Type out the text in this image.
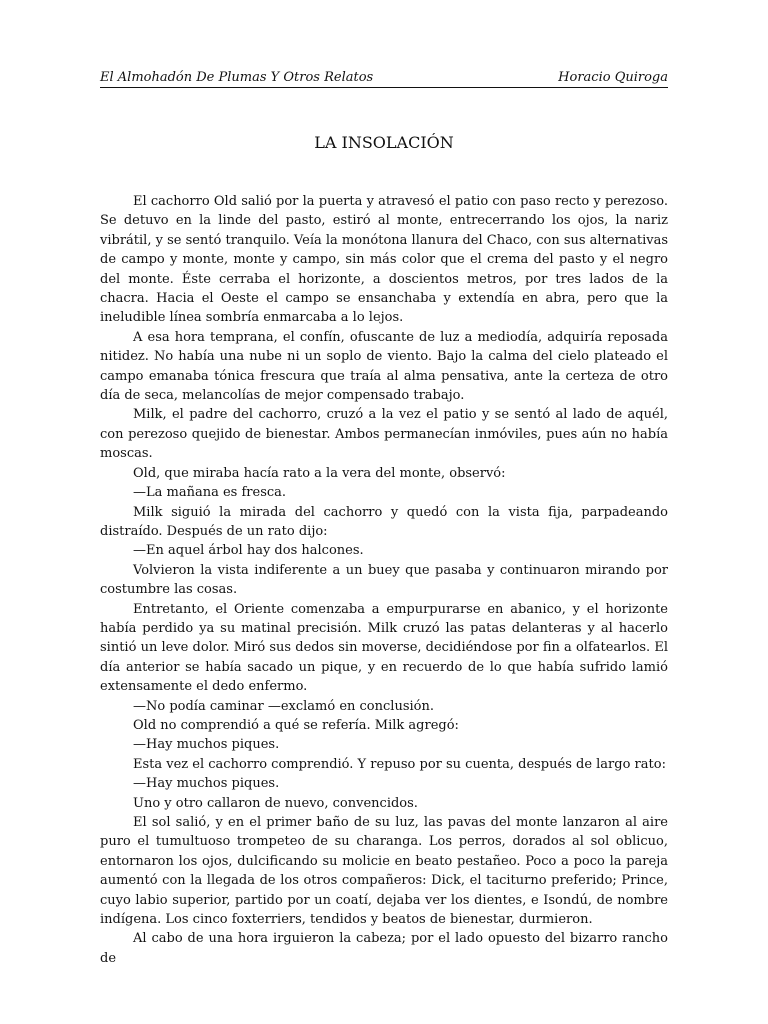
El Almohadón De Plumas Y Otros Relatos	Horacio Quiroga
LA INSOLACIÓN

El cachorro Old salió por la puerta y atravesó el patio con paso recto y perezoso. Se detuvo en la linde del pasto, estiró al monte, entrecerrando los ojos, la nariz vibrátil, y se sentó tranquilo. Veía la monótona llanura del Chaco, con sus alternativas de campo y monte, monte y campo, sin más color que el crema del pasto y el negro del monte. Éste cerraba el horizonte, a doscientos metros, por tres lados de la chacra. Hacia el Oeste el campo se ensanchaba y extendía en abra, pero que la ineludible línea sombría enmarcaba a lo lejos.

A esa hora temprana, el confín, ofuscante de luz a mediodía, adquiría reposada nitidez. No había una nube ni un soplo de viento. Bajo la calma del cielo plateado el campo emanaba tónica frescura que traía al alma pensativa, ante la certeza de otro día de seca, melancolías de mejor compensado trabajo.

Milk, el padre del cachorro, cruzó a la vez el patio y se sentó al lado de aquél, con perezoso quejido de bienestar. Ambos permanecían inmóviles, pues aún no había moscas.

Old, que miraba hacía rato a la vera del monte, observó:

—La mañana es fresca.

Milk siguió la mirada del cachorro y quedó con la vista fija, parpadeando distraído. Después de un rato dijo:

—En aquel árbol hay dos halcones.

Volvieron la vista indiferente a un buey que pasaba y continuaron mirando por costumbre las cosas.

Entretanto, el Oriente comenzaba a empurpurarse en abanico, y el horizonte había perdido ya su matinal precisión. Milk cruzó las patas delanteras y al hacerlo sintió un leve dolor. Miró sus dedos sin moverse, decidiéndose por fin a olfatearlos. El día anterior se había sacado un pique, y en recuerdo de lo que había sufrido lamió extensamente el dedo enfermo.

—No podía caminar —exclamó en conclusión.

Old no comprendió a qué se refería. Milk agregó:

—Hay muchos piques.

Esta vez el cachorro comprendió. Y repuso por su cuenta, después de largo rato:

—Hay muchos piques.

Uno y otro callaron de nuevo, convencidos.

El sol salió, y en el primer baño de su luz, las pavas del monte lanzaron al aire puro el tumultuoso trompeteo de su charanga. Los perros, dorados al sol oblicuo, entornaron los ojos, dulcificando su molicie en beato pestañeo. Poco a poco la pareja aumentó con la llegada de los otros compañeros: Dick, el taciturno preferido; Prince, cuyo labio superior, partido por un coatí, dejaba ver los dientes, e Isondú, de nombre indígena. Los cinco foxterriers, tendidos y beatos de bienestar, durmieron.

Al cabo de una hora irguieron la cabeza; por el lado opuesto del bizarro rancho de
